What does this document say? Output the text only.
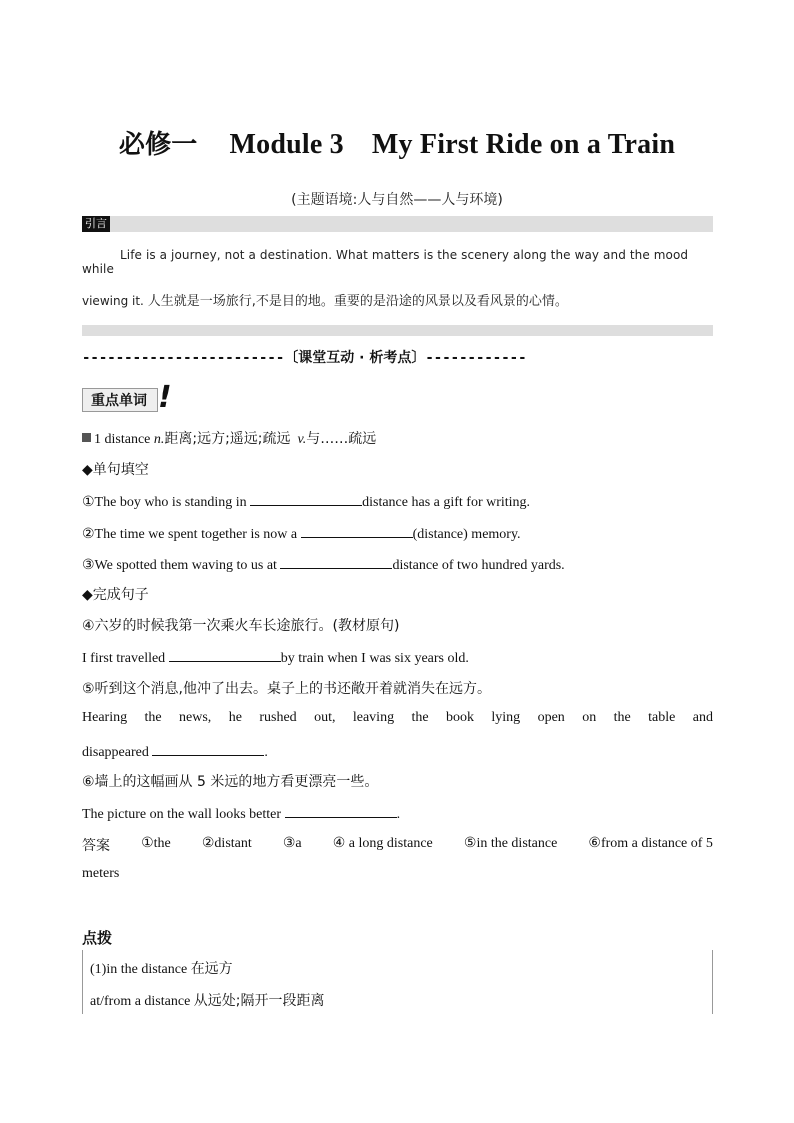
必修一 Module 3 My First Ride on a Train
(主题语境:人与自然——人与环境)
引言
Life is a journey, not a destination. What matters is the scenery along the way and the mood while
viewing it. 人生就是一场旅行,不是目的地。重要的是沿途的风景以及看风景的心情。
------------------------〔课堂互动 · 析考点〕------------
重点单词 !
1 distance n.距离;远方;遥远;疏远 v.与……疏远
◆单句填空
①The boy who is standing in	distance has a gift for writing.
②The time we spent together is now a	(distance) memory.
③We spotted them waving to us at	distance of two hundred yards.
◆完成句子
④六岁的时候我第一次乘火车长途旅行。(教材原句)
I first travelled	by train when I was six years old.
⑤听到这个消息,他冲了出去。桌子上的书还敞开着就消失在远方。
Hearing the news, he rushed out, leaving the book lying open on the table and
disappeared	.
⑥墙上的这幅画从 5 米远的地方看更漂亮一些。
The picture on the wall looks better	.
答案 ①the ②distant ③a ④ a long distance ⑤in the distance ⑥from a distance of 5
meters
点拨
(1)in the distance 在远方
at/from a distance 从远处;隔开一段距离
